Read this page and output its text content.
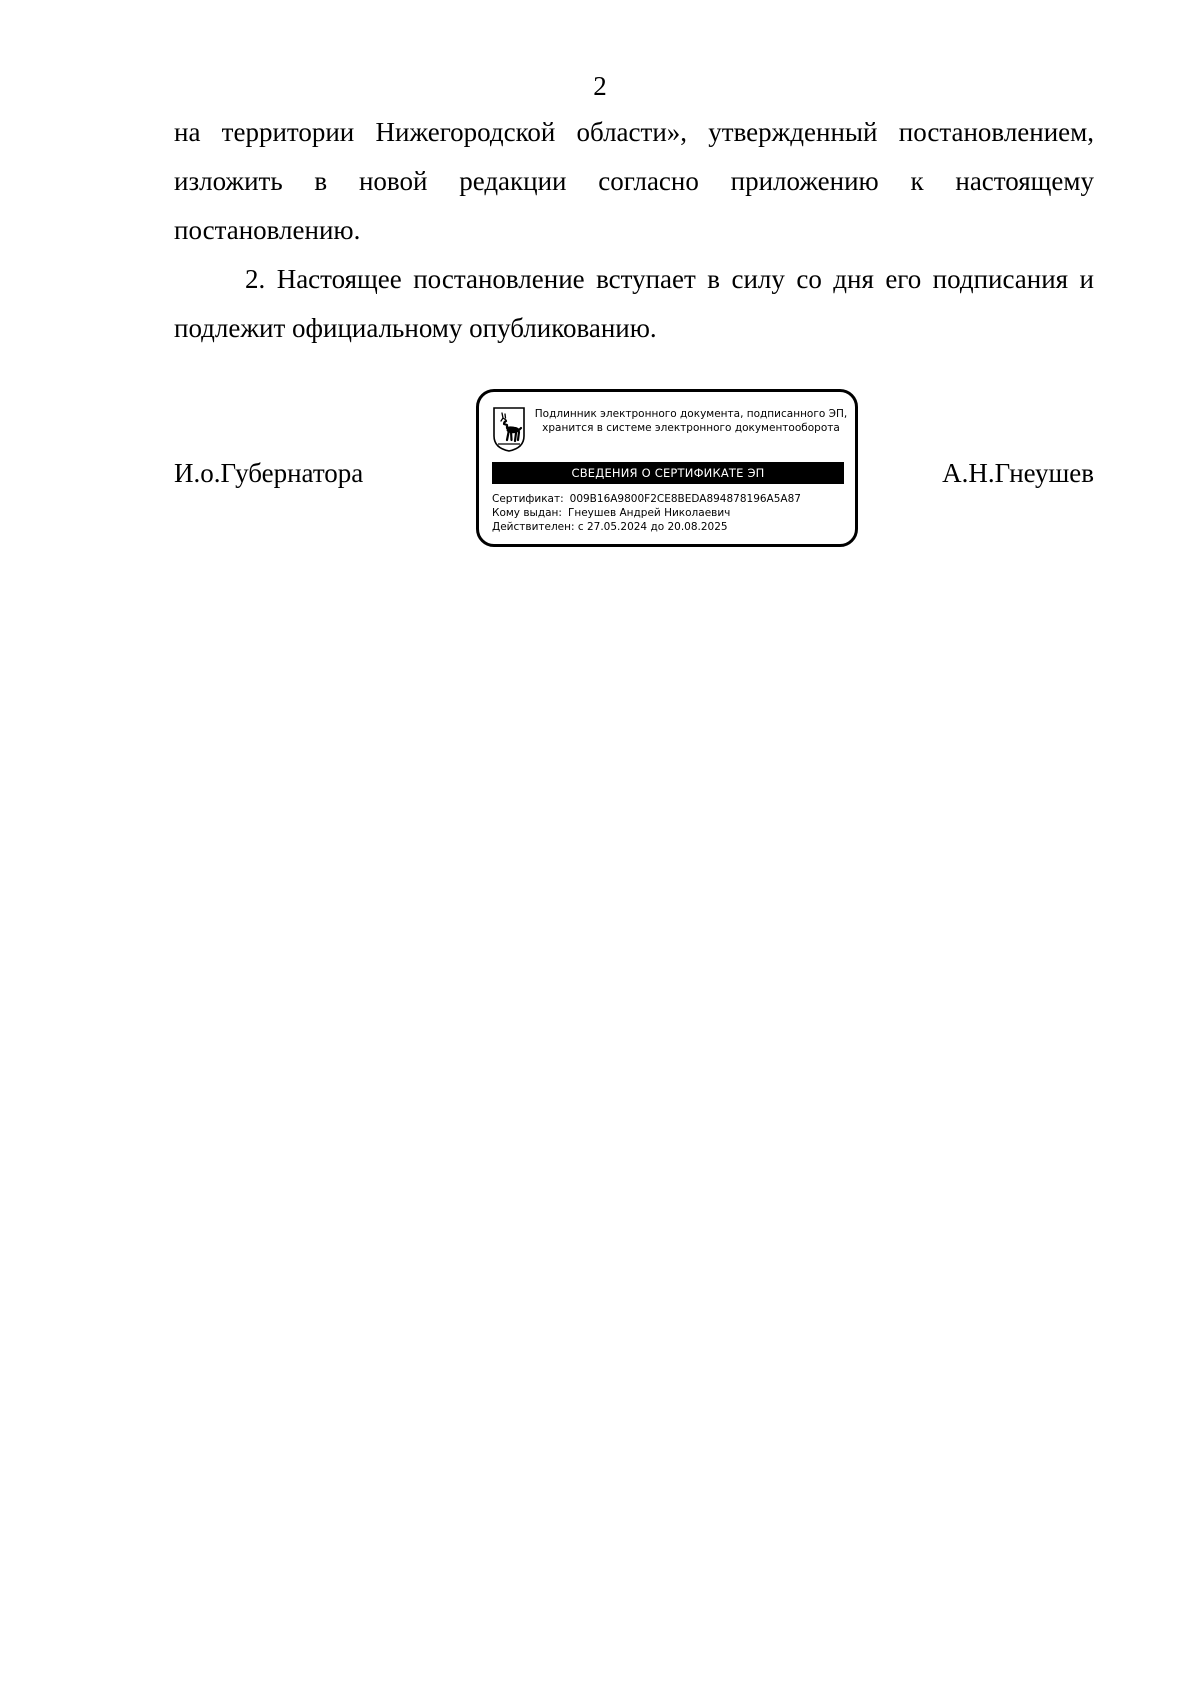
2

на территории Нижегородской области», утвержденный постановлением, изложить в новой редакции согласно приложению к настоящему постановлению.

2. Настоящее постановление вступает в силу со дня его подписания и подлежит официальному опубликованию.

И.о.Губернатора
Подлинник электронного документа, подписанного ЭП,
хранится в системе электронного документооборота
СВЕДЕНИЯ О СЕРТИФИКАТЕ ЭП
Сертификат: 009B16A9800F2CE8BEDA894878196A5A87
Кому выдан: Гнеушев Андрей Николаевич
Действителен: с 27.05.2024 до 20.08.2025
А.Н.Гнеушев
